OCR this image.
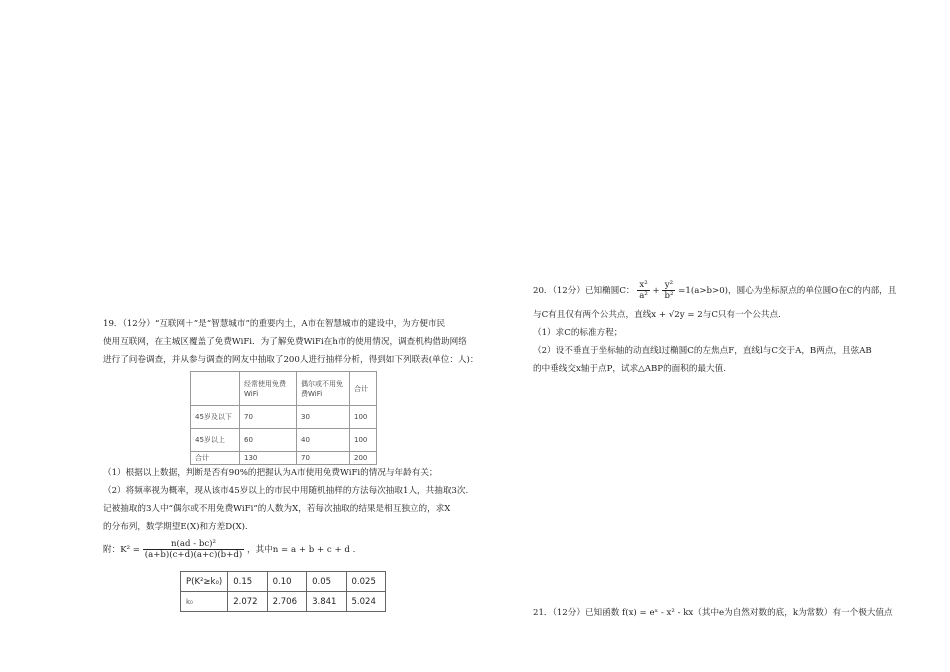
19．（12分）“互联网＋”是“智慧城市”的重要内土，A市在智慧城市的建设中，为方便市民
使用互联网，在主城区覆盖了免费WiFi．为了解免费WiFi在h市的使用情况，调查机构借助网络
进行了问卷调查，并从参与调查的网友中抽取了200人进行抽样分析，得到如下列联表(单位：人)：
	经常使用免费WiFi	偶尔或不用免费WiFi	合计
45岁及以下	70	30	100
45岁以上	60	40	100
合计	130	70	200
（1）根据以上数据，判断是否有90%的把握认为A市使用免费WiFi的情况与年龄有关；
（2）将频率视为概率，现从该市45岁以上的市民中用随机抽样的方法每次抽取1人，共抽取3次.
记被抽取的3人中“偶尔或不用免费WiFi”的人数为X，若每次抽取的结果是相互独立的，求X
的分布列，数学期望E(X)和方差D(X).
附：$K^2 = \frac{\text{n(ad - bc)²}}{(a+b)(c+d)(a+c)(b+d)}$ ，其中n = a + b + c + d .
P(K²≥k₀)	0.15	0.10	0.05	0.025
k₀	2.072	2.706	3.841	5.024
20．（12分）已知椭圆C： $\frac{\text{x²}}{\text{a²}} + \frac{\text{y²}}{\text{b²}} =1(a>b>0)$，圆心为坐标原点的单位圆O在C的内部，且
与C有且仅有两个公共点，直线x + √2y = 2与C只有一个公共点.
（1）求C的标准方程；
（2）设不垂直于坐标轴的动直线l过椭圆C的左焦点F，直线l与C交于A，B两点，且弦AB
的中垂线交x轴于点P，试求△ABP的面积的最大值.
21．（12分）已知函数 f(x) = eˣ - x² - kx（其中e为自然对数的底，k为常数）有一个极大值点
